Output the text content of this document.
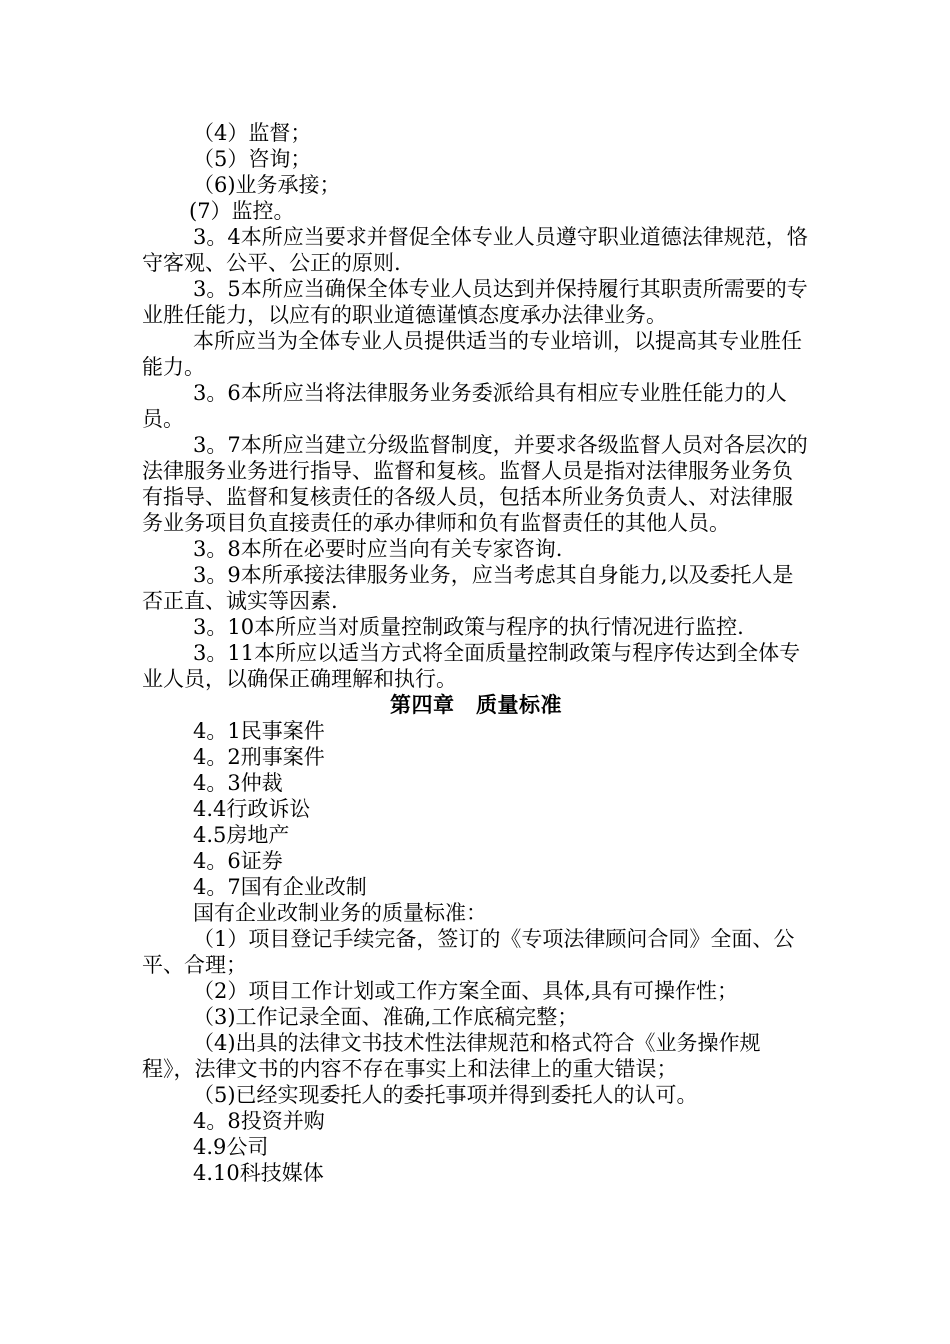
（4）监督；

（5）咨询；

（6)业务承接；

(7）监控。

3。4本所应当要求并督促全体专业人员遵守职业道德法律规范，恪守客观、公平、公正的原则.

3。5本所应当确保全体专业人员达到并保持履行其职责所需要的专业胜任能力，以应有的职业道德谨慎态度承办法律业务。

本所应当为全体专业人员提供适当的专业培训，以提高其专业胜任能力。

3。6本所应当将法律服务业务委派给具有相应专业胜任能力的人员。

3。7本所应当建立分级监督制度，并要求各级监督人员对各层次的法律服务业务进行指导、监督和复核。监督人员是指对法律服务业务负有指导、监督和复核责任的各级人员，包括本所业务负责人、对法律服务业务项目负直接责任的承办律师和负有监督责任的其他人员。

3。8本所在必要时应当向有关专家咨询.

3。9本所承接法律服务业务，应当考虑其自身能力,以及委托人是否正直、诚实等因素.

3。10本所应当对质量控制政策与程序的执行情况进行监控.

3。11本所应以适当方式将全面质量控制政策与程序传达到全体专业人员，以确保正确理解和执行。

第四章　质量标准

4。1民事案件

4。2刑事案件

4。3仲裁

4.4行政诉讼

4.5房地产

4。6证券

4。7国有企业改制

国有企业改制业务的质量标准：

（1）项目登记手续完备，签订的《专项法律顾问合同》全面、公平、合理；

（2）项目工作计划或工作方案全面、具体,具有可操作性；

（3)工作记录全面、准确,工作底稿完整；

（4)出具的法律文书技术性法律规范和格式符合《业务操作规程》，法律文书的内容不存在事实上和法律上的重大错误；

（5)已经实现委托人的委托事项并得到委托人的认可。

4。8投资并购

4.9公司

4.10科技媒体
